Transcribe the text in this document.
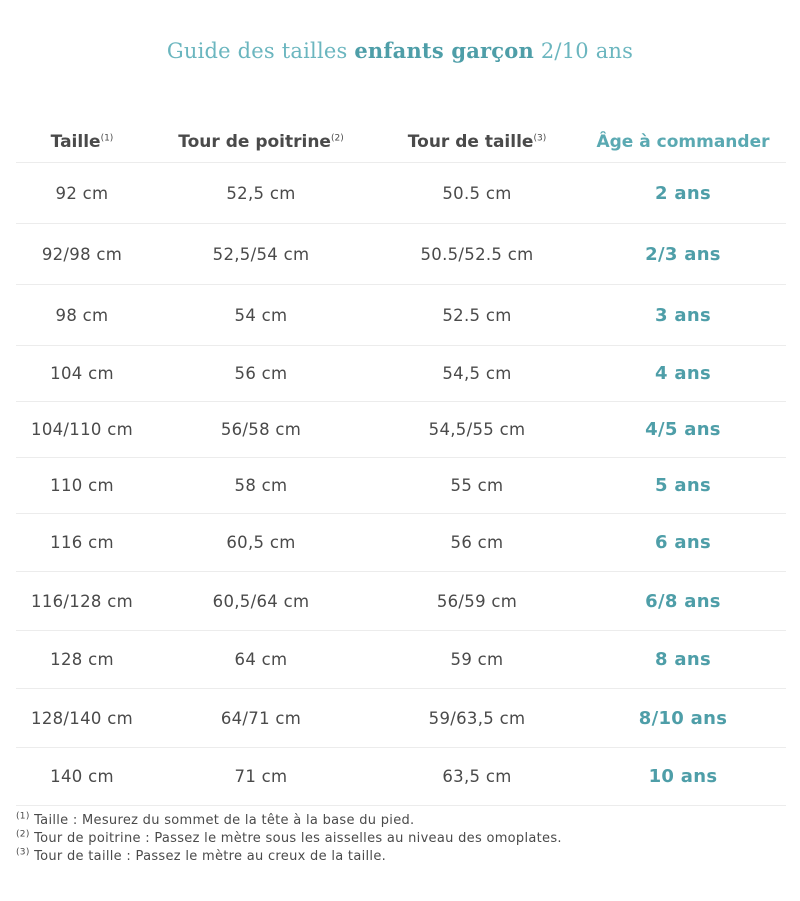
Guide des tailles enfants garçon 2/10 ans
Taille$^{(1)}$	Tour de poitrine$^{(2)}$	Tour de taille$^{(3)}$	Âge à commander
92 cm	52,5 cm	50.5 cm	2 ans
92/98 cm	52,5/54 cm	50.5/52.5 cm	2/3 ans
98 cm	54 cm	52.5 cm	3 ans
104 cm	56 cm	54,5 cm	4 ans
104/110 cm	56/58 cm	54,5/55 cm	4/5 ans
110 cm	58 cm	55 cm	5 ans
116 cm	60,5 cm	56 cm	6 ans
116/128 cm	60,5/64 cm	56/59 cm	6/8 ans
128 cm	64 cm	59 cm	8 ans
128/140 cm	64/71 cm	59/63,5 cm	8/10 ans
140 cm	71 cm	63,5 cm	10 ans
$^{(1)}$ Taille : Mesurez du sommet de la tête à la base du pied.
$^{(2)}$ Tour de poitrine : Passez le mètre sous les aisselles au niveau des omoplates.
$^{(3)}$ Tour de taille : Passez le mètre au creux de la taille.
